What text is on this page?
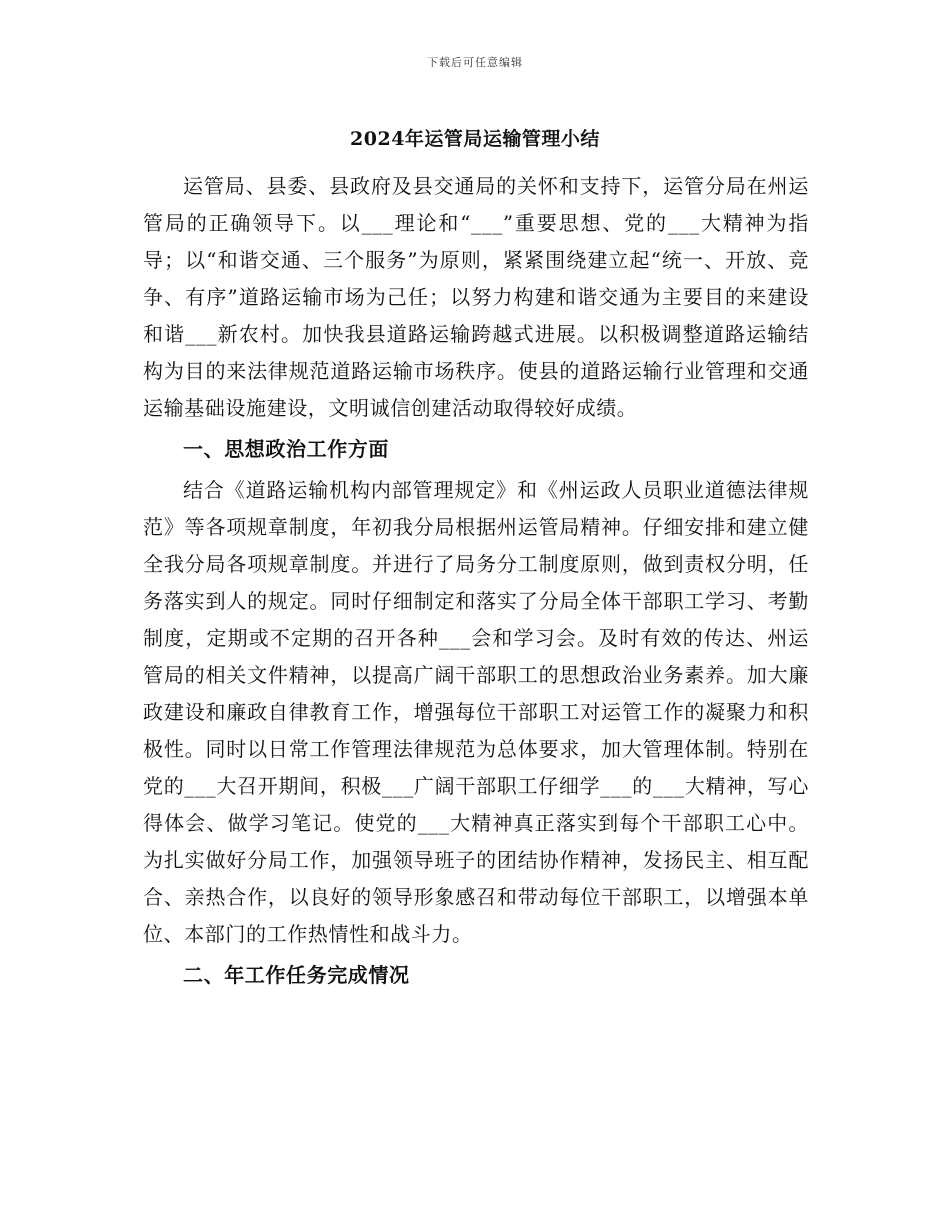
下载后可任意编辑
2024年运管局运输管理小结

运管局、县委、县政府及县交通局的关怀和支持下，运管分局在州运管局的正确领导下。以___理论和“___”重要思想、党的___大精神为指导；以“和谐交通、三个服务”为原则，紧紧围绕建立起“统一、开放、竞争、有序”道路运输市场为己任；以努力构建和谐交通为主要目的来建设和谐___新农村。加快我县道路运输跨越式进展。以积极调整道路运输结构为目的来法律规范道路运输市场秩序。使县的道路运输行业管理和交通运输基础设施建设，文明诚信创建活动取得较好成绩。

一、思想政治工作方面

结合《道路运输机构内部管理规定》和《州运政人员职业道德法律规范》等各项规章制度，年初我分局根据州运管局精神。仔细安排和建立健全我分局各项规章制度。并进行了局务分工制度原则，做到责权分明，任务落实到人的规定。同时仔细制定和落实了分局全体干部职工学习、考勤制度，定期或不定期的召开各种___会和学习会。及时有效的传达、州运管局的相关文件精神，以提高广阔干部职工的思想政治业务素养。加大廉政建设和廉政自律教育工作，增强每位干部职工对运管工作的凝聚力和积极性。同时以日常工作管理法律规范为总体要求，加大管理体制。特别在党的___大召开期间，积极___广阔干部职工仔细学___的___大精神，写心得体会、做学习笔记。使党的___大精神真正落实到每个干部职工心中。为扎实做好分局工作，加强领导班子的团结协作精神，发扬民主、相互配合、亲热合作，以良好的领导形象感召和带动每位干部职工，以增强本单位、本部门的工作热情性和战斗力。

二、年工作任务完成情况
